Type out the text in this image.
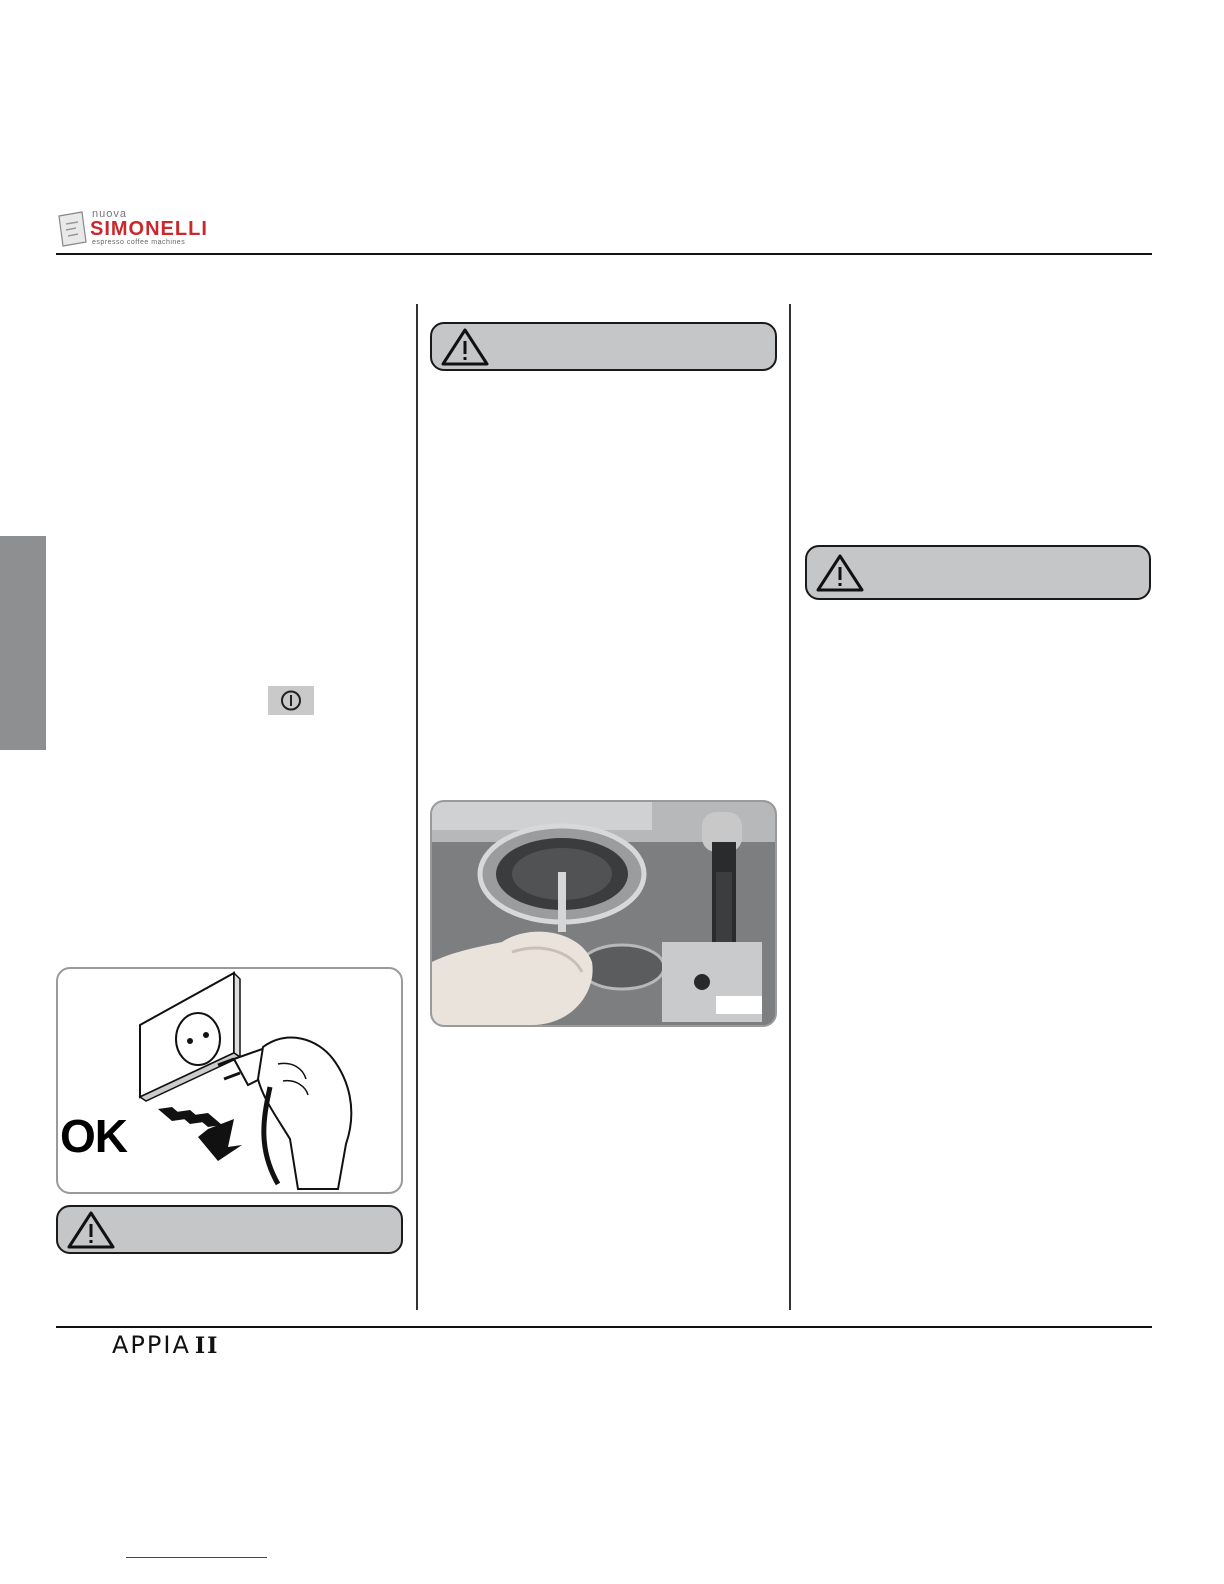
nuova
SIMONELLI
espresso coffee machines
OK
APPIA II
